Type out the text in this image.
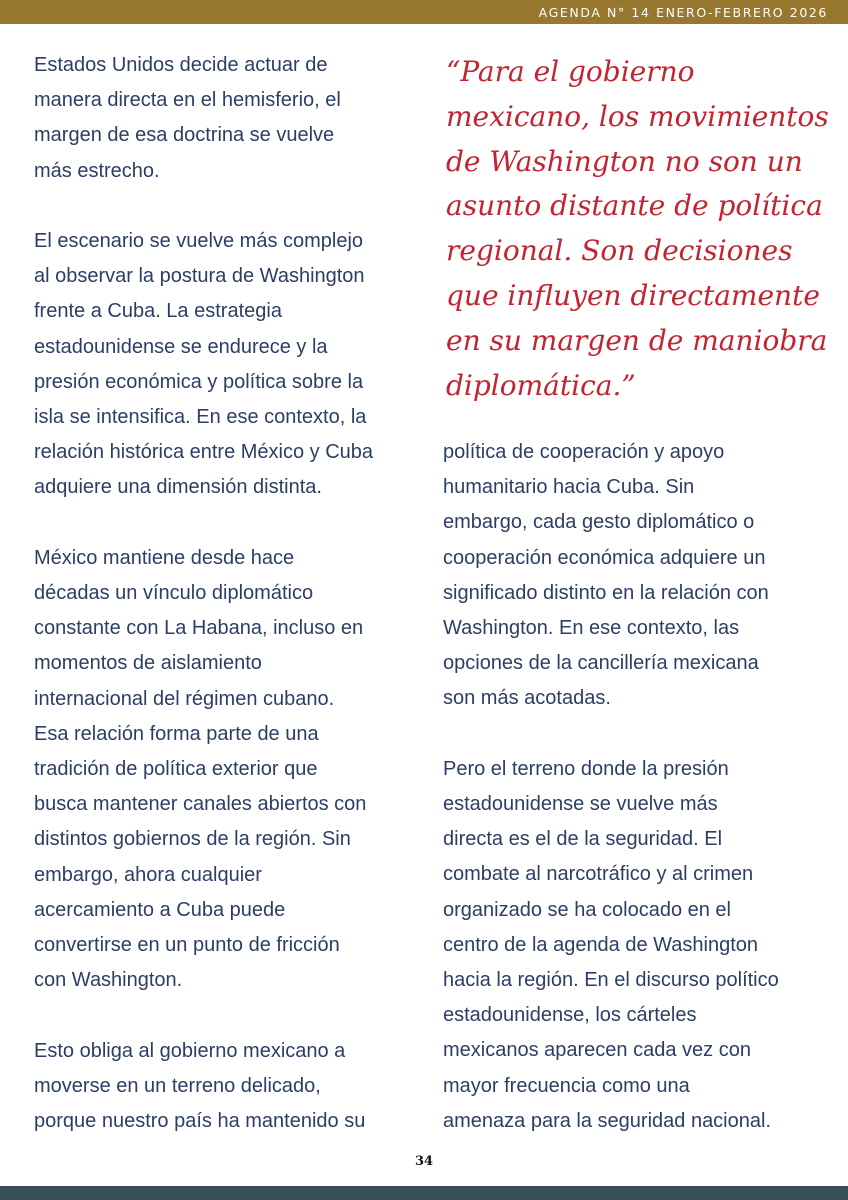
AGENDA N° 14 ENERO-FEBRERO 2026

Estados Unidos decide actuar de
manera directa en el hemisferio, el
margen de esa doctrina se vuelve
más estrecho.

El escenario se vuelve más complejo
al observar la postura de Washington
frente a Cuba. La estrategia
estadounidense se endurece y la
presión económica y política sobre la
isla se intensifica. En ese contexto, la
relación histórica entre México y Cuba
adquiere una dimensión distinta.

México mantiene desde hace
décadas un vínculo diplomático
constante con La Habana, incluso en
momentos de aislamiento
internacional del régimen cubano.
Esa relación forma parte de una
tradición de política exterior que
busca mantener canales abiertos con
distintos gobiernos de la región. Sin
embargo, ahora cualquier
acercamiento a Cuba puede
convertirse en un punto de fricción
con Washington.

Esto obliga al gobierno mexicano a
moverse en un terreno delicado,
porque nuestro país ha mantenido su

“Para el gobierno
mexicano, los movimientos
de Washington no son un
asunto distante de política
regional. Son decisiones
que influyen directamente
en su margen de maniobra
diplomática.”

política de cooperación y apoyo
humanitario hacia Cuba. Sin
embargo, cada gesto diplomático o
cooperación económica adquiere un
significado distinto en la relación con
Washington. En ese contexto, las
opciones de la cancillería mexicana
son más acotadas.

Pero el terreno donde la presión
estadounidense se vuelve más
directa es el de la seguridad. El
combate al narcotráfico y al crimen
organizado se ha colocado en el
centro de la agenda de Washington
hacia la región. En el discurso político
estadounidense, los cárteles
mexicanos aparecen cada vez con
mayor frecuencia como una
amenaza para la seguridad nacional.

34
